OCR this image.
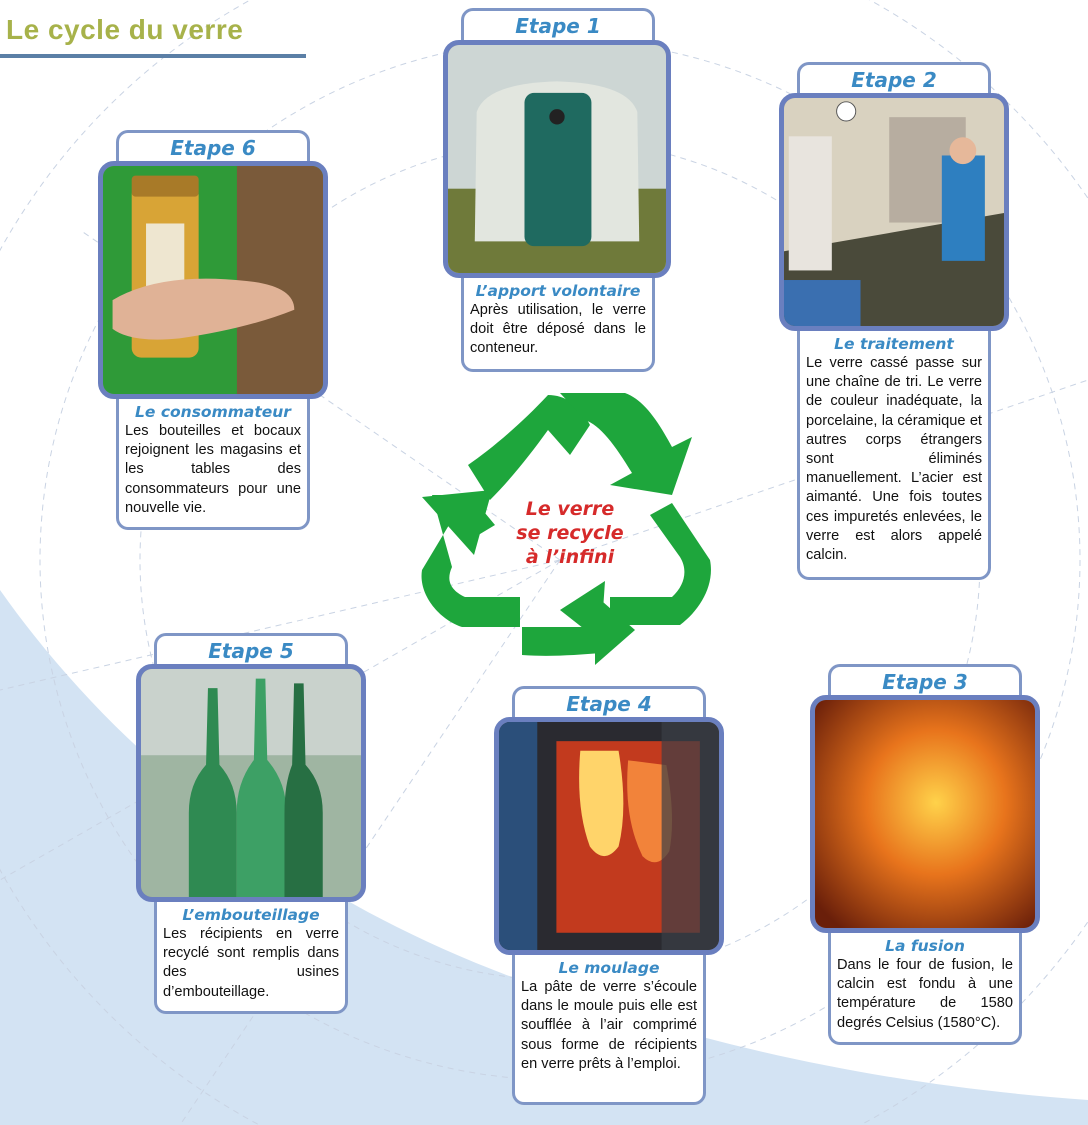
Le cycle du verre
Le verre
se recycle
à l’infini
Etape 1
L’apport volontaire
Après utilisation, le verre doit être déposé dans le conteneur.
Etape 2
Le traitement
Le verre cassé passe sur une chaîne de tri. Le verre de couleur inadéquate, la porcelaine, la céramique et autres corps étrangers sont éliminés manuellement. L’acier est aimanté. Une fois toutes ces impuretés enlevées, le verre est alors appelé calcin.
Etape 3
La fusion
Dans le four de fusion, le calcin est fondu à une température de 1580 degrés Celsius (1580°C).
Etape 4
Le moulage
La pâte de verre s’écoule dans le moule puis elle est soufflée à l’air comprimé sous forme de récipients en verre prêts à l’emploi.
Etape 5
L’embouteillage
Les récipients en verre recyclé sont remplis dans des usines d’embouteillage.
Etape 6
Le consommateur
Les bouteilles et bocaux rejoignent les magasins et les tables des consommateurs pour une nouvelle vie.
